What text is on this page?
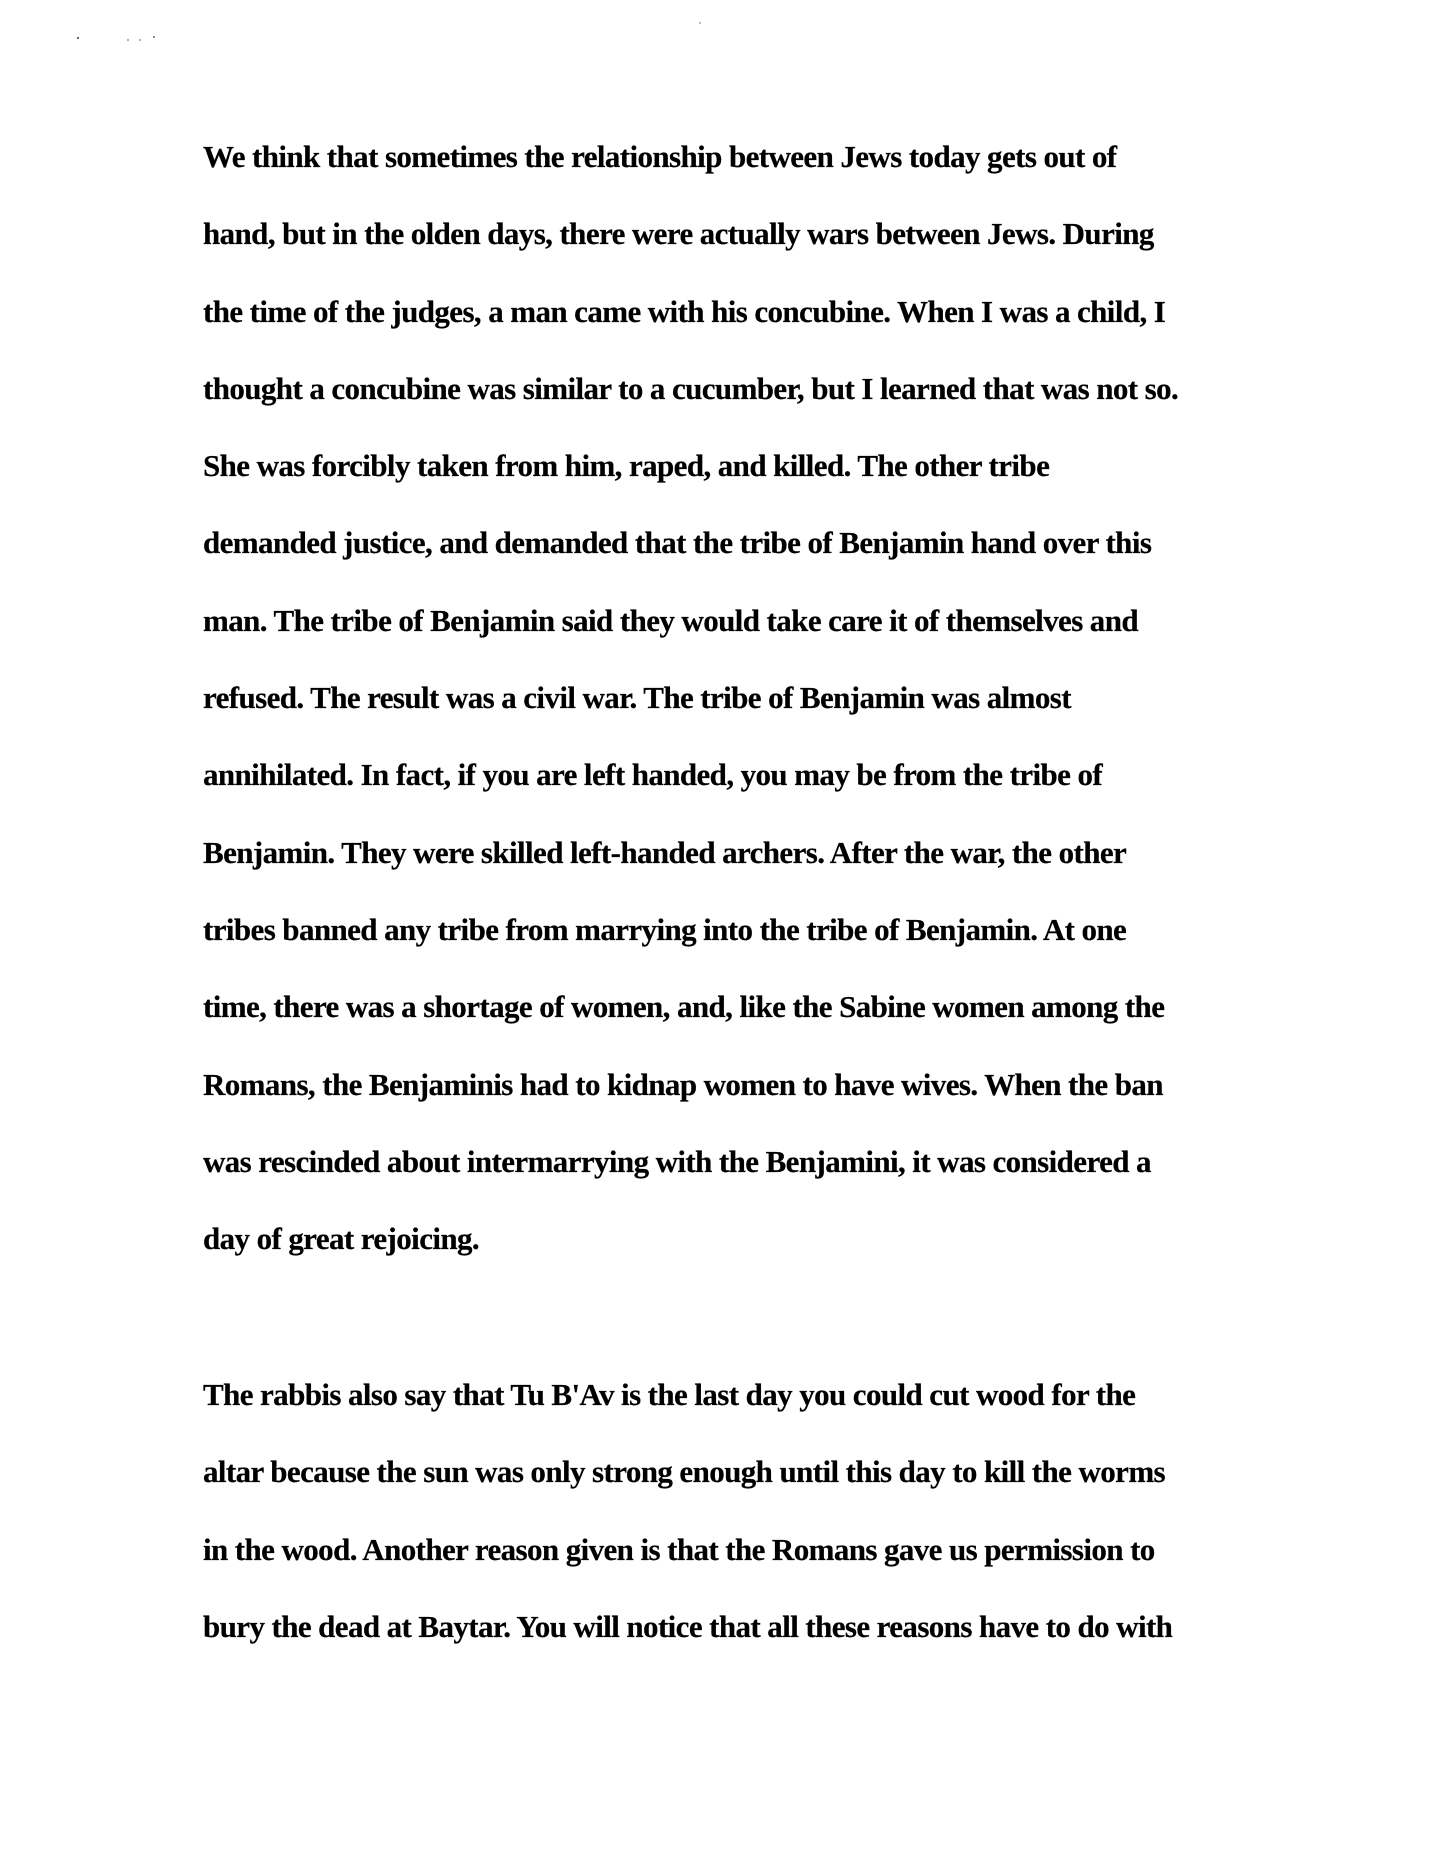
We think that sometimes the relationship between Jews today gets out of
hand, but in the olden days, there were actually wars between Jews. During
the time of the judges, a man came with his concubine. When I was a child, I
thought a concubine was similar to a cucumber, but I learned that was not so.
She was forcibly taken from him, raped, and killed. The other tribe
demanded justice, and demanded that the tribe of Benjamin hand over this
man. The tribe of Benjamin said they would take care it of themselves and
refused. The result was a civil war. The tribe of Benjamin was almost
annihilated. In fact, if you are left handed, you may be from the tribe of
Benjamin. They were skilled left-handed archers. After the war, the other
tribes banned any tribe from marrying into the tribe of Benjamin. At one
time, there was a shortage of women, and, like the Sabine women among the
Romans, the Benjaminis had to kidnap women to have wives. When the ban
was rescinded about intermarrying with the Benjamini, it was considered a
day of great rejoicing.
The rabbis also say that Tu B'Av is the last day you could cut wood for the
altar because the sun was only strong enough until this day to kill the worms
in the wood. Another reason given is that the Romans gave us permission to
bury the dead at Baytar. You will notice that all these reasons have to do with
